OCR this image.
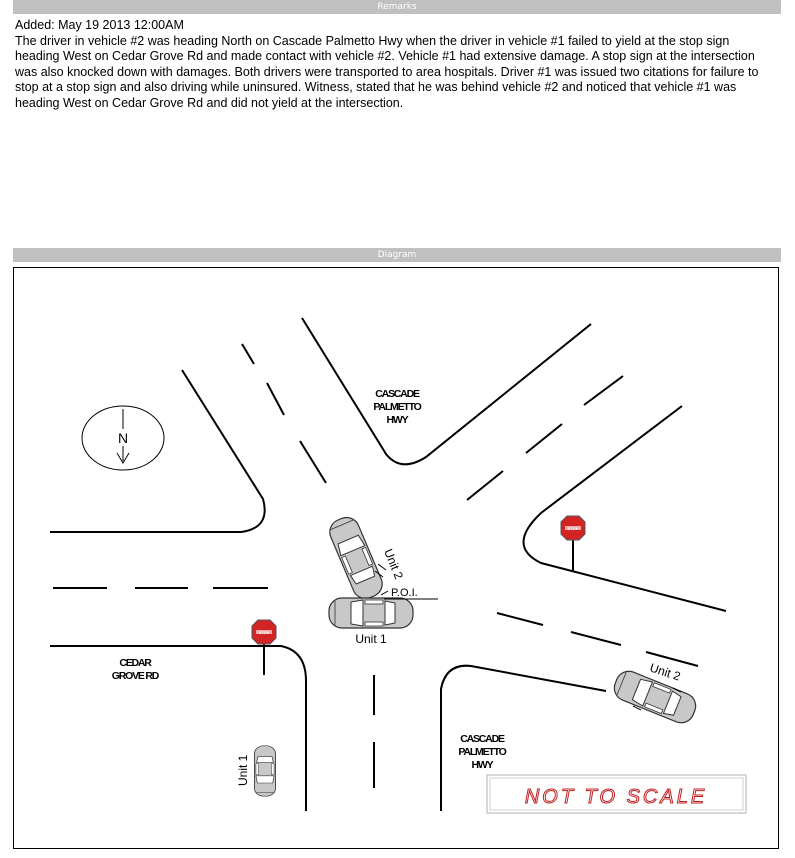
Remarks

Added: May 19 2013 12:00AM

The driver in vehicle #2 was heading North on Cascade Palmetto Hwy when the driver in vehicle #1 failed to yield at the stop sign heading West on Cedar Grove Rd and made contact with vehicle #2. Vehicle #1 had extensive damage. A stop sign at the intersection was also knocked down with damages. Both drivers were transported to area hospitals. Driver #1 was issued two citations for failure to stop at a stop sign and also driving while uninsured. Witness, stated that he was behind vehicle #2 and noticed that vehicle #1 was heading West on Cedar Grove Rd and did not yield at the intersection.

Diagram
N
CASCADE
PALMETTO
HWY
CEDAR
GROVE RD
CASCADE
PALMETTO
HWY
STOP
STOP
P.O.I.
Unit 2
Unit 1
Unit 2
Unit 1
NOT TO SCALE
